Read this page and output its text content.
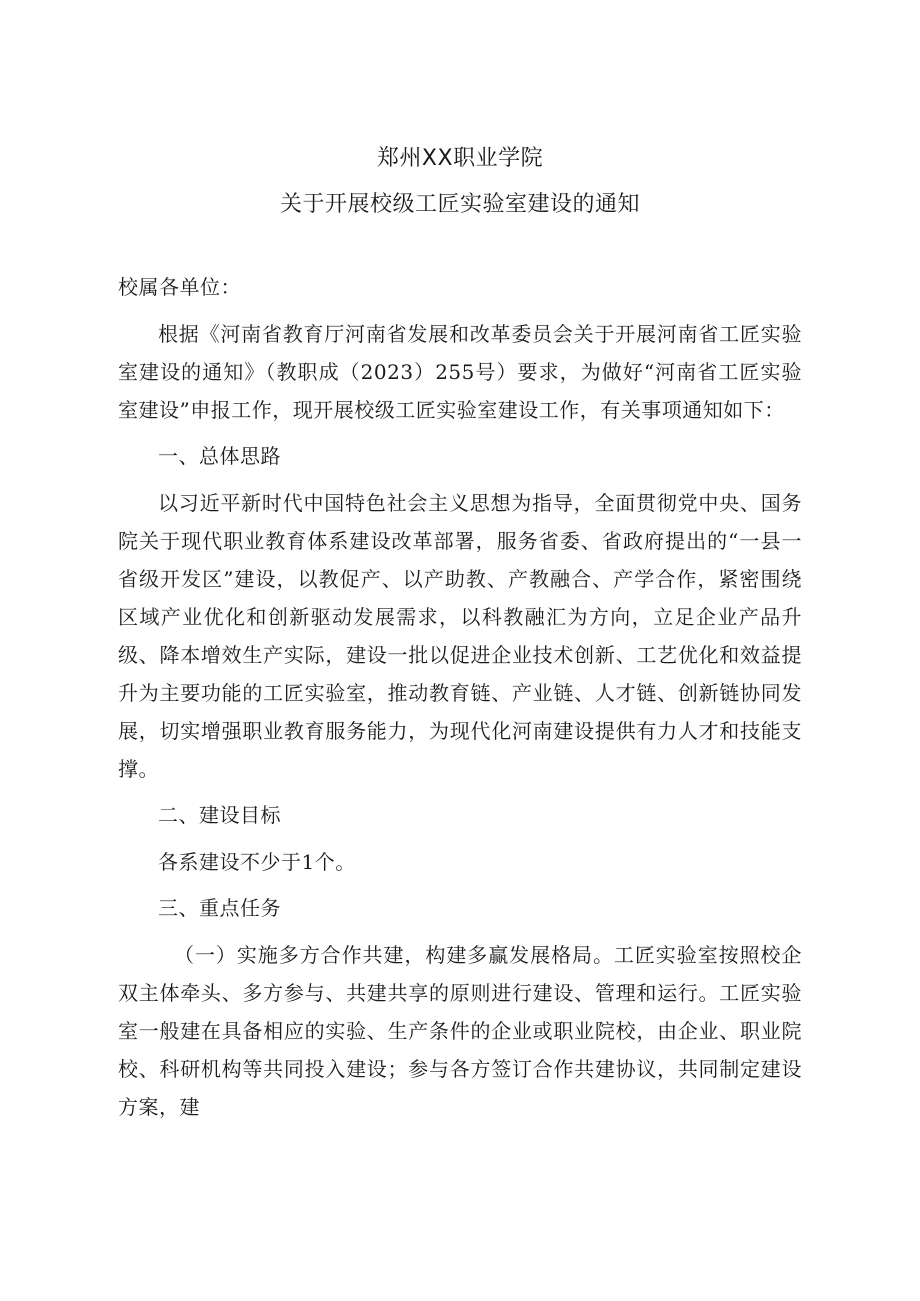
郑州XX职业学院
关于开展校级工匠实验室建设的通知

校属各单位：

根据《河南省教育厅河南省发展和改革委员会关于开展河南省工匠实验室建设的通知》（教职成（2023）255号）要求，为做好“河南省工匠实验室建设”申报工作，现开展校级工匠实验室建设工作，有关事项通知如下：

一、总体思路

以习近平新时代中国特色社会主义思想为指导，全面贯彻党中央、国务院关于现代职业教育体系建设改革部署，服务省委、省政府提出的“一县一省级开发区”建设，以教促产、以产助教、产教融合、产学合作，紧密围绕区域产业优化和创新驱动发展需求，以科教融汇为方向，立足企业产品升级、降本增效生产实际，建设一批以促进企业技术创新、工艺优化和效益提升为主要功能的工匠实验室，推动教育链、产业链、人才链、创新链协同发展，切实增强职业教育服务能力，为现代化河南建设提供有力人才和技能支撑。

二、建设目标

各系建设不少于1个。

三、重点任务

（一）实施多方合作共建，构建多赢发展格局。工匠实验室按照校企双主体牵头、多方参与、共建共享的原则进行建设、管理和运行。工匠实验室一般建在具备相应的实验、生产条件的企业或职业院校，由企业、职业院校、科研机构等共同投入建设；参与各方签订合作共建协议，共同制定建设方案，建
